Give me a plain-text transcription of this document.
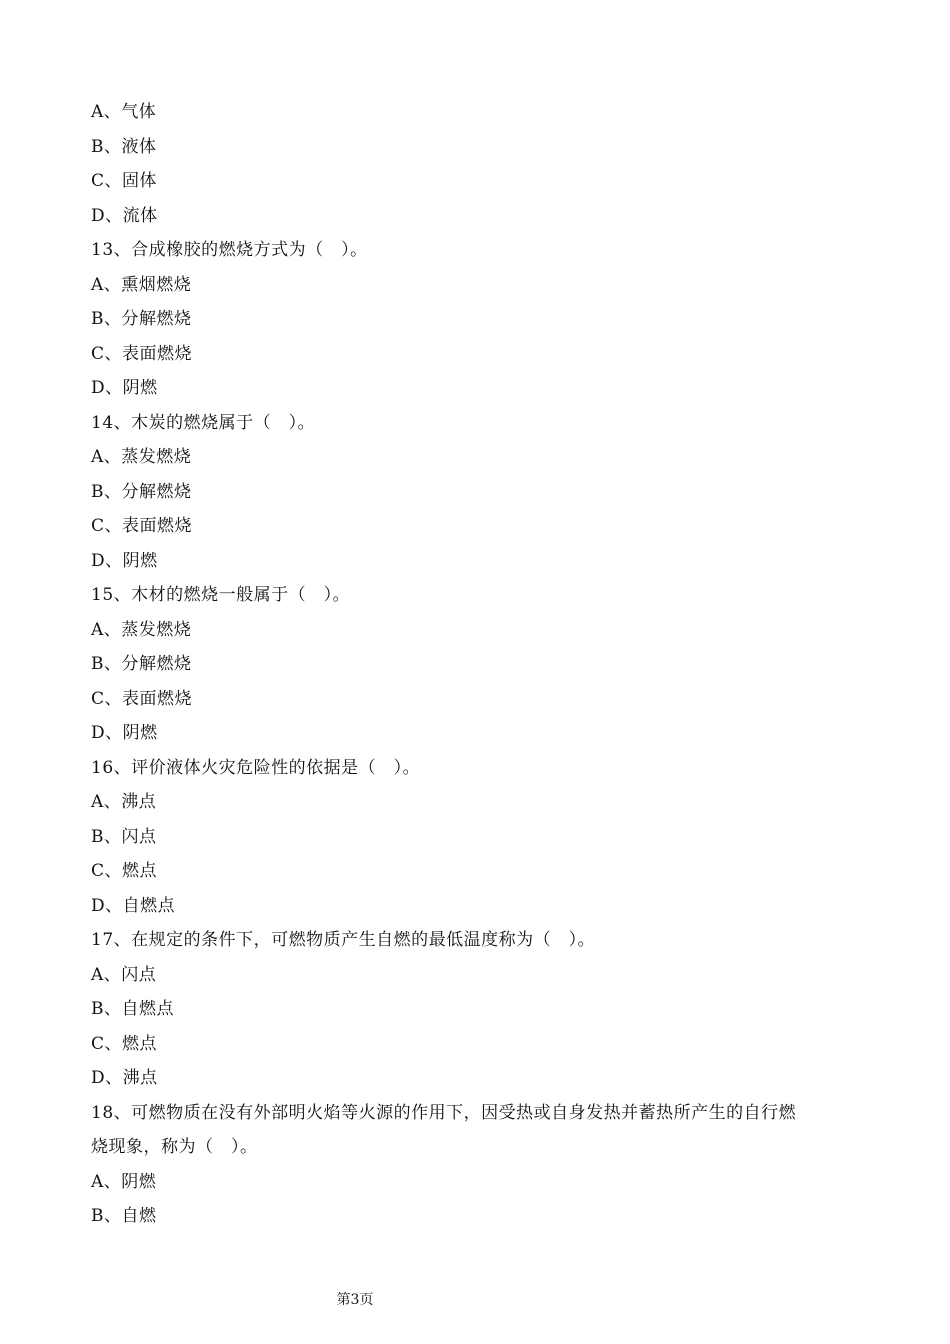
A、气体
B、液体
C、固体
D、流体
13、合成橡胶的燃烧方式为（　）。
A、熏烟燃烧
B、分解燃烧
C、表面燃烧
D、阴燃
14、木炭的燃烧属于（　）。
A、蒸发燃烧
B、分解燃烧
C、表面燃烧
D、阴燃
15、木材的燃烧一般属于（　）。
A、蒸发燃烧
B、分解燃烧
C、表面燃烧
D、阴燃
16、评价液体火灾危险性的依据是（　）。
A、沸点
B、闪点
C、燃点
D、自燃点
17、在规定的条件下，可燃物质产生自燃的最低温度称为（　）。
A、闪点
B、自燃点
C、燃点
D、沸点
18、可燃物质在没有外部明火焰等火源的作用下，因受热或自身发热并蓄热所产生的自行燃
烧现象，称为（　）。
A、阴燃
B、自燃
第3页
